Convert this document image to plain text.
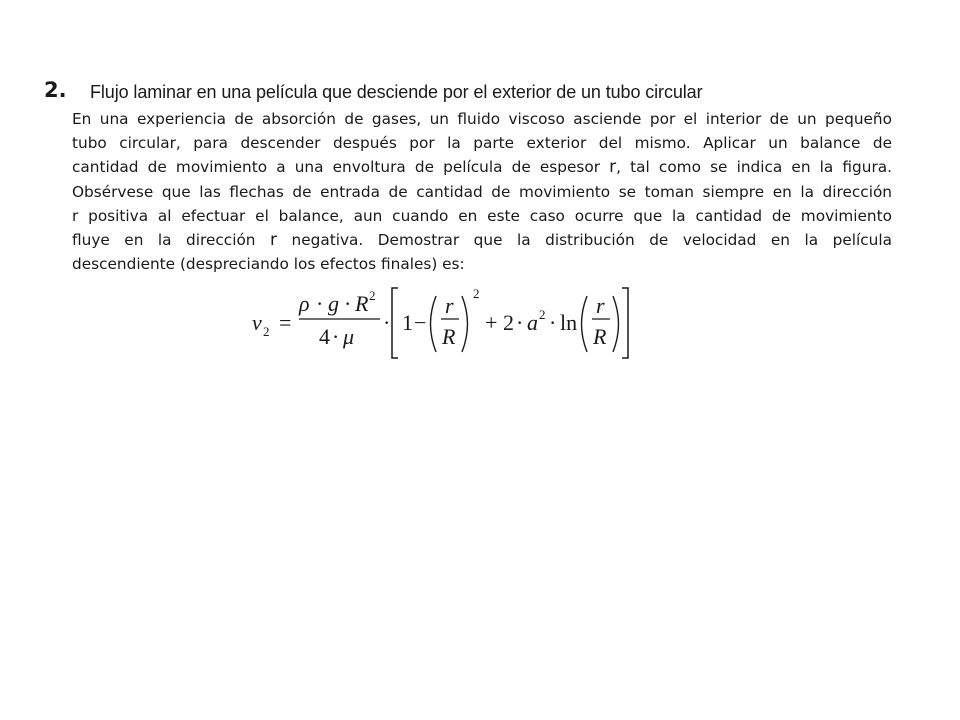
2. Flujo laminar en una película que desciende por el exterior de un tubo circular
En una experiencia de absorción de gases, un fluido viscoso asciende por el interior de un pequeño
tubo circular, para descender después por la parte exterior del mismo. Aplicar un balance de
cantidad de movimiento a una envoltura de película de espesor r, tal como se indica en la figura.
Obsérvese que las flechas de entrada de cantidad de movimiento se toman siempre en la dirección
r positiva al efectuar el balance, aun cuando en este caso ocurre que la cantidad de movimiento
fluye en la dirección r negativa. Demostrar que la distribución de velocidad en la película
descendiente (despreciando los efectos finales) es:
v 2 =
ρ · g · R 2
4 · μ
· 1 −
r
R
2
+ 2 · a 2 · ln
r
R
